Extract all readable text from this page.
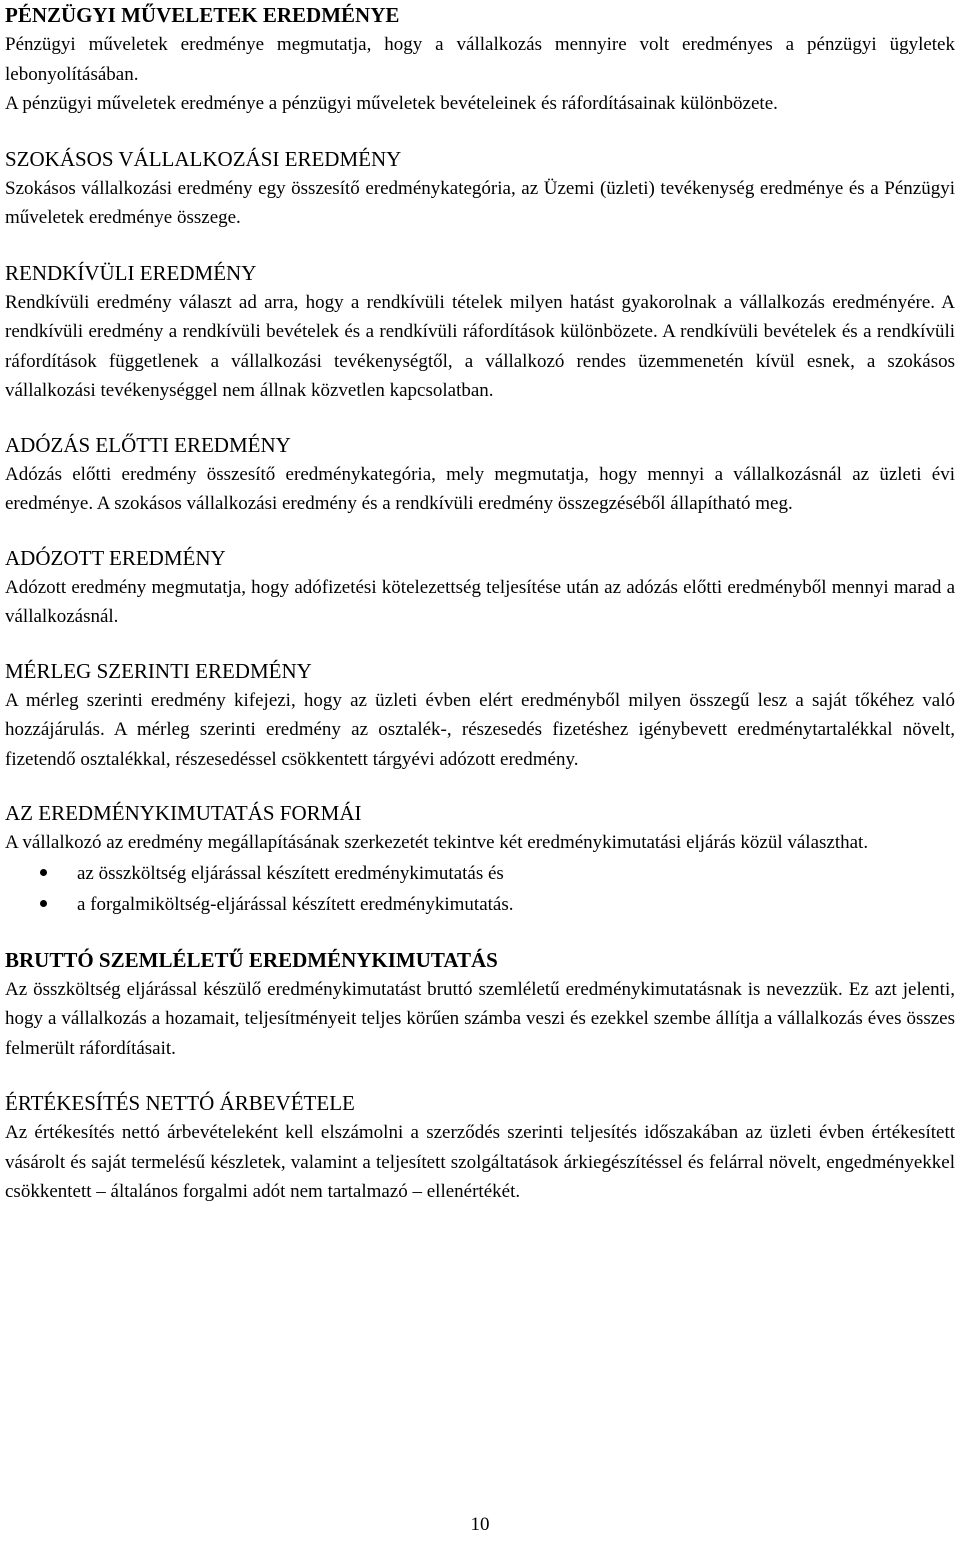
PÉNZÜGYI MŰVELETEK EREDMÉNYE

Pénzügyi műveletek eredménye megmutatja, hogy a vállalkozás mennyire volt eredményes a pénzügyi ügyletek lebonyolításában.

A pénzügyi műveletek eredménye a pénzügyi műveletek bevételeinek és ráfordításainak különbözete.

SZOKÁSOS VÁLLALKOZÁSI EREDMÉNY

Szokásos vállalkozási eredmény egy összesítő eredménykategória, az Üzemi (üzleti) tevékenység eredménye és a Pénzügyi műveletek eredménye összege.

RENDKÍVÜLI EREDMÉNY

Rendkívüli eredmény választ ad arra, hogy a rendkívüli tételek milyen hatást gyakorolnak a vállalkozás eredményére. A rendkívüli eredmény a rendkívüli bevételek és a rendkívüli ráfordítások különbözete. A rendkívüli bevételek és a rendkívüli ráfordítások függetlenek a vállalkozási tevékenységtől, a vállalkozó rendes üzemmenetén kívül esnek, a szokásos vállalkozási tevékenységgel nem állnak közvetlen kapcsolatban.

ADÓZÁS ELŐTTI EREDMÉNY

Adózás előtti eredmény összesítő eredménykategória, mely megmutatja, hogy mennyi a vállalkozásnál az üzleti évi eredménye. A szokásos vállalkozási eredmény és a rendkívüli eredmény összegzéséből állapítható meg.

ADÓZOTT EREDMÉNY

Adózott eredmény megmutatja, hogy adófizetési kötelezettség teljesítése után az adózás előtti eredményből mennyi marad a vállalkozásnál.

MÉRLEG SZERINTI EREDMÉNY

A mérleg szerinti eredmény kifejezi, hogy az üzleti évben elért eredményből milyen összegű lesz a saját tőkéhez való hozzájárulás. A mérleg szerinti eredmény az osztalék-, részesedés fizetéshez igénybevett eredménytartalékkal növelt, fizetendő osztalékkal, részesedéssel csökkentett tárgyévi adózott eredmény.

AZ EREDMÉNYKIMUTATÁS FORMÁI

A vállalkozó az eredmény megállapításának szerkezetét tekintve két eredménykimutatási eljárás közül választhat.

az összköltség eljárással készített eredménykimutatás és
a forgalmiköltség-eljárással készített eredménykimutatás.
BRUTTÓ SZEMLÉLETŰ EREDMÉNYKIMUTATÁS

Az összköltség eljárással készülő eredménykimutatást bruttó szemléletű eredménykimutatásnak is nevezzük. Ez azt jelenti, hogy a vállalkozás a hozamait, teljesítményeit teljes körűen számba veszi és ezekkel szembe állítja a vállalkozás éves összes felmerült ráfordításait.

ÉRTÉKESÍTÉS NETTÓ ÁRBEVÉTELE

Az értékesítés nettó árbevételeként kell elszámolni a szerződés szerinti teljesítés időszakában az üzleti évben értékesített vásárolt és saját termelésű készletek, valamint a teljesített szolgáltatások árkiegészítéssel és felárral növelt, engedményekkel csökkentett – általános forgalmi adót nem tartalmazó – ellenértékét.

10
